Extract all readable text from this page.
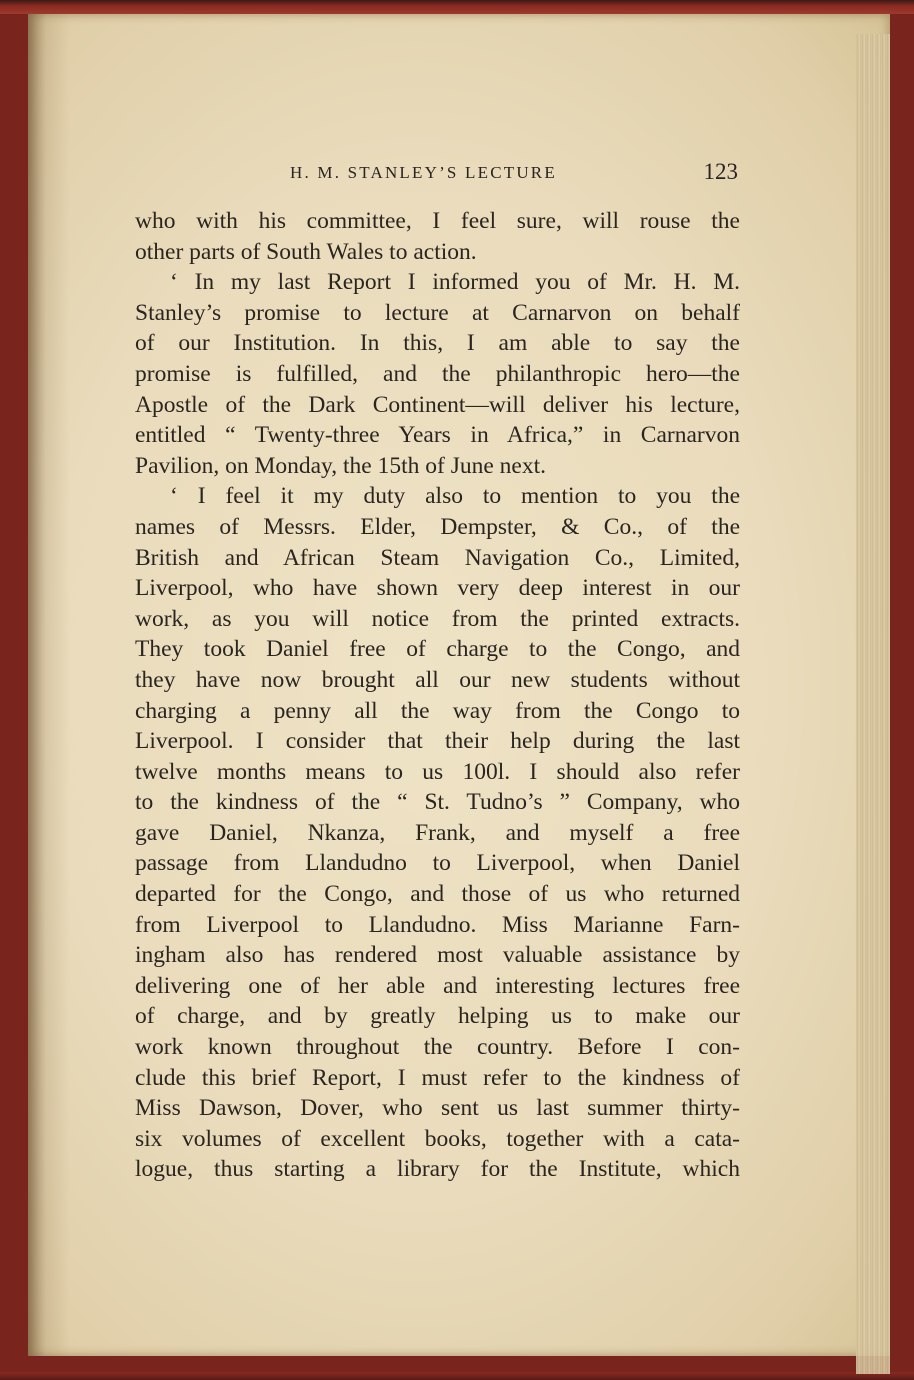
H. M. STANLEY’S LECTURE	123
who with his committee, I feel sure, will rouse the
other parts of South Wales to action.
‘ In my last Report I informed you of Mr. H. M.
Stanley’s promise to lecture at Carnarvon on behalf
of our Institution. In this, I am able to say the
promise is fulfilled, and the philanthropic hero—the
Apostle of the Dark Continent—will deliver his lecture,
entitled “ Twenty-three Years in Africa,” in Carnarvon
Pavilion, on Monday, the 15th of June next.
‘ I feel it my duty also to mention to you the
names of Messrs. Elder, Dempster, & Co., of the
British and African Steam Navigation Co., Limited,
Liverpool, who have shown very deep interest in our
work, as you will notice from the printed extracts.
They took Daniel free of charge to the Congo, and
they have now brought all our new students without
charging a penny all the way from the Congo to
Liverpool. I consider that their help during the last
twelve months means to us 100l. I should also refer
to the kindness of the “ St. Tudno’s ” Company, who
gave Daniel, Nkanza, Frank, and myself a free
passage from Llandudno to Liverpool, when Daniel
departed for the Congo, and those of us who returned
from Liverpool to Llandudno. Miss Marianne Farn-
ingham also has rendered most valuable assistance by
delivering one of her able and interesting lectures free
of charge, and by greatly helping us to make our
work known throughout the country. Before I con-
clude this brief Report, I must refer to the kindness of
Miss Dawson, Dover, who sent us last summer thirty-
six volumes of excellent books, together with a cata-
logue, thus starting a library for the Institute, which
